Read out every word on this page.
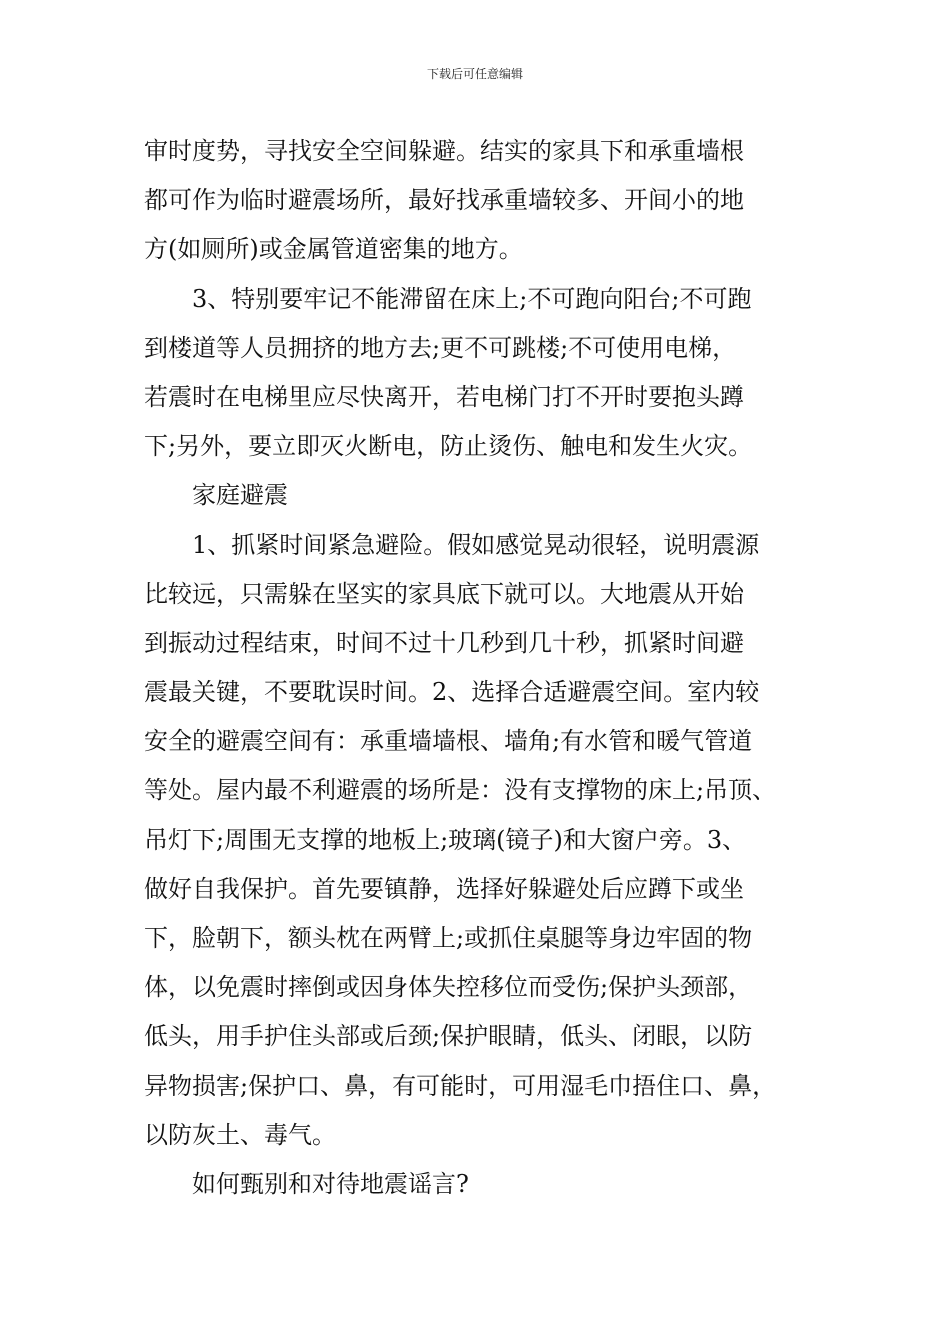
下载后可任意编辑
审时度势，寻找安全空间躲避。结实的家具下和承重墙根
都可作为临时避震场所，最好找承重墙较多、开间小的地
方(如厕所)或金属管道密集的地方。
3、特别要牢记不能滞留在床上;不可跑向阳台;不可跑
到楼道等人员拥挤的地方去;更不可跳楼;不可使用电梯，
若震时在电梯里应尽快离开，若电梯门打不开时要抱头蹲
下;另外，要立即灭火断电，防止烫伤、触电和发生火灾。
家庭避震
1、抓紧时间紧急避险。假如感觉晃动很轻，说明震源
比较远，只需躲在坚实的家具底下就可以。大地震从开始
到振动过程结束，时间不过十几秒到几十秒，抓紧时间避
震最关键，不要耽误时间。2、选择合适避震空间。室内较
安全的避震空间有：承重墙墙根、墙角;有水管和暖气管道
等处。屋内最不利避震的场所是：没有支撑物的床上;吊顶、
吊灯下;周围无支撑的地板上;玻璃(镜子)和大窗户旁。3、
做好自我保护。首先要镇静，选择好躲避处后应蹲下或坐
下，脸朝下，额头枕在两臂上;或抓住桌腿等身边牢固的物
体，以免震时摔倒或因身体失控移位而受伤;保护头颈部，
低头，用手护住头部或后颈;保护眼睛，低头、闭眼，以防
异物损害;保护口、鼻，有可能时，可用湿毛巾捂住口、鼻，
以防灰土、毒气。
如何甄别和对待地震谣言?
